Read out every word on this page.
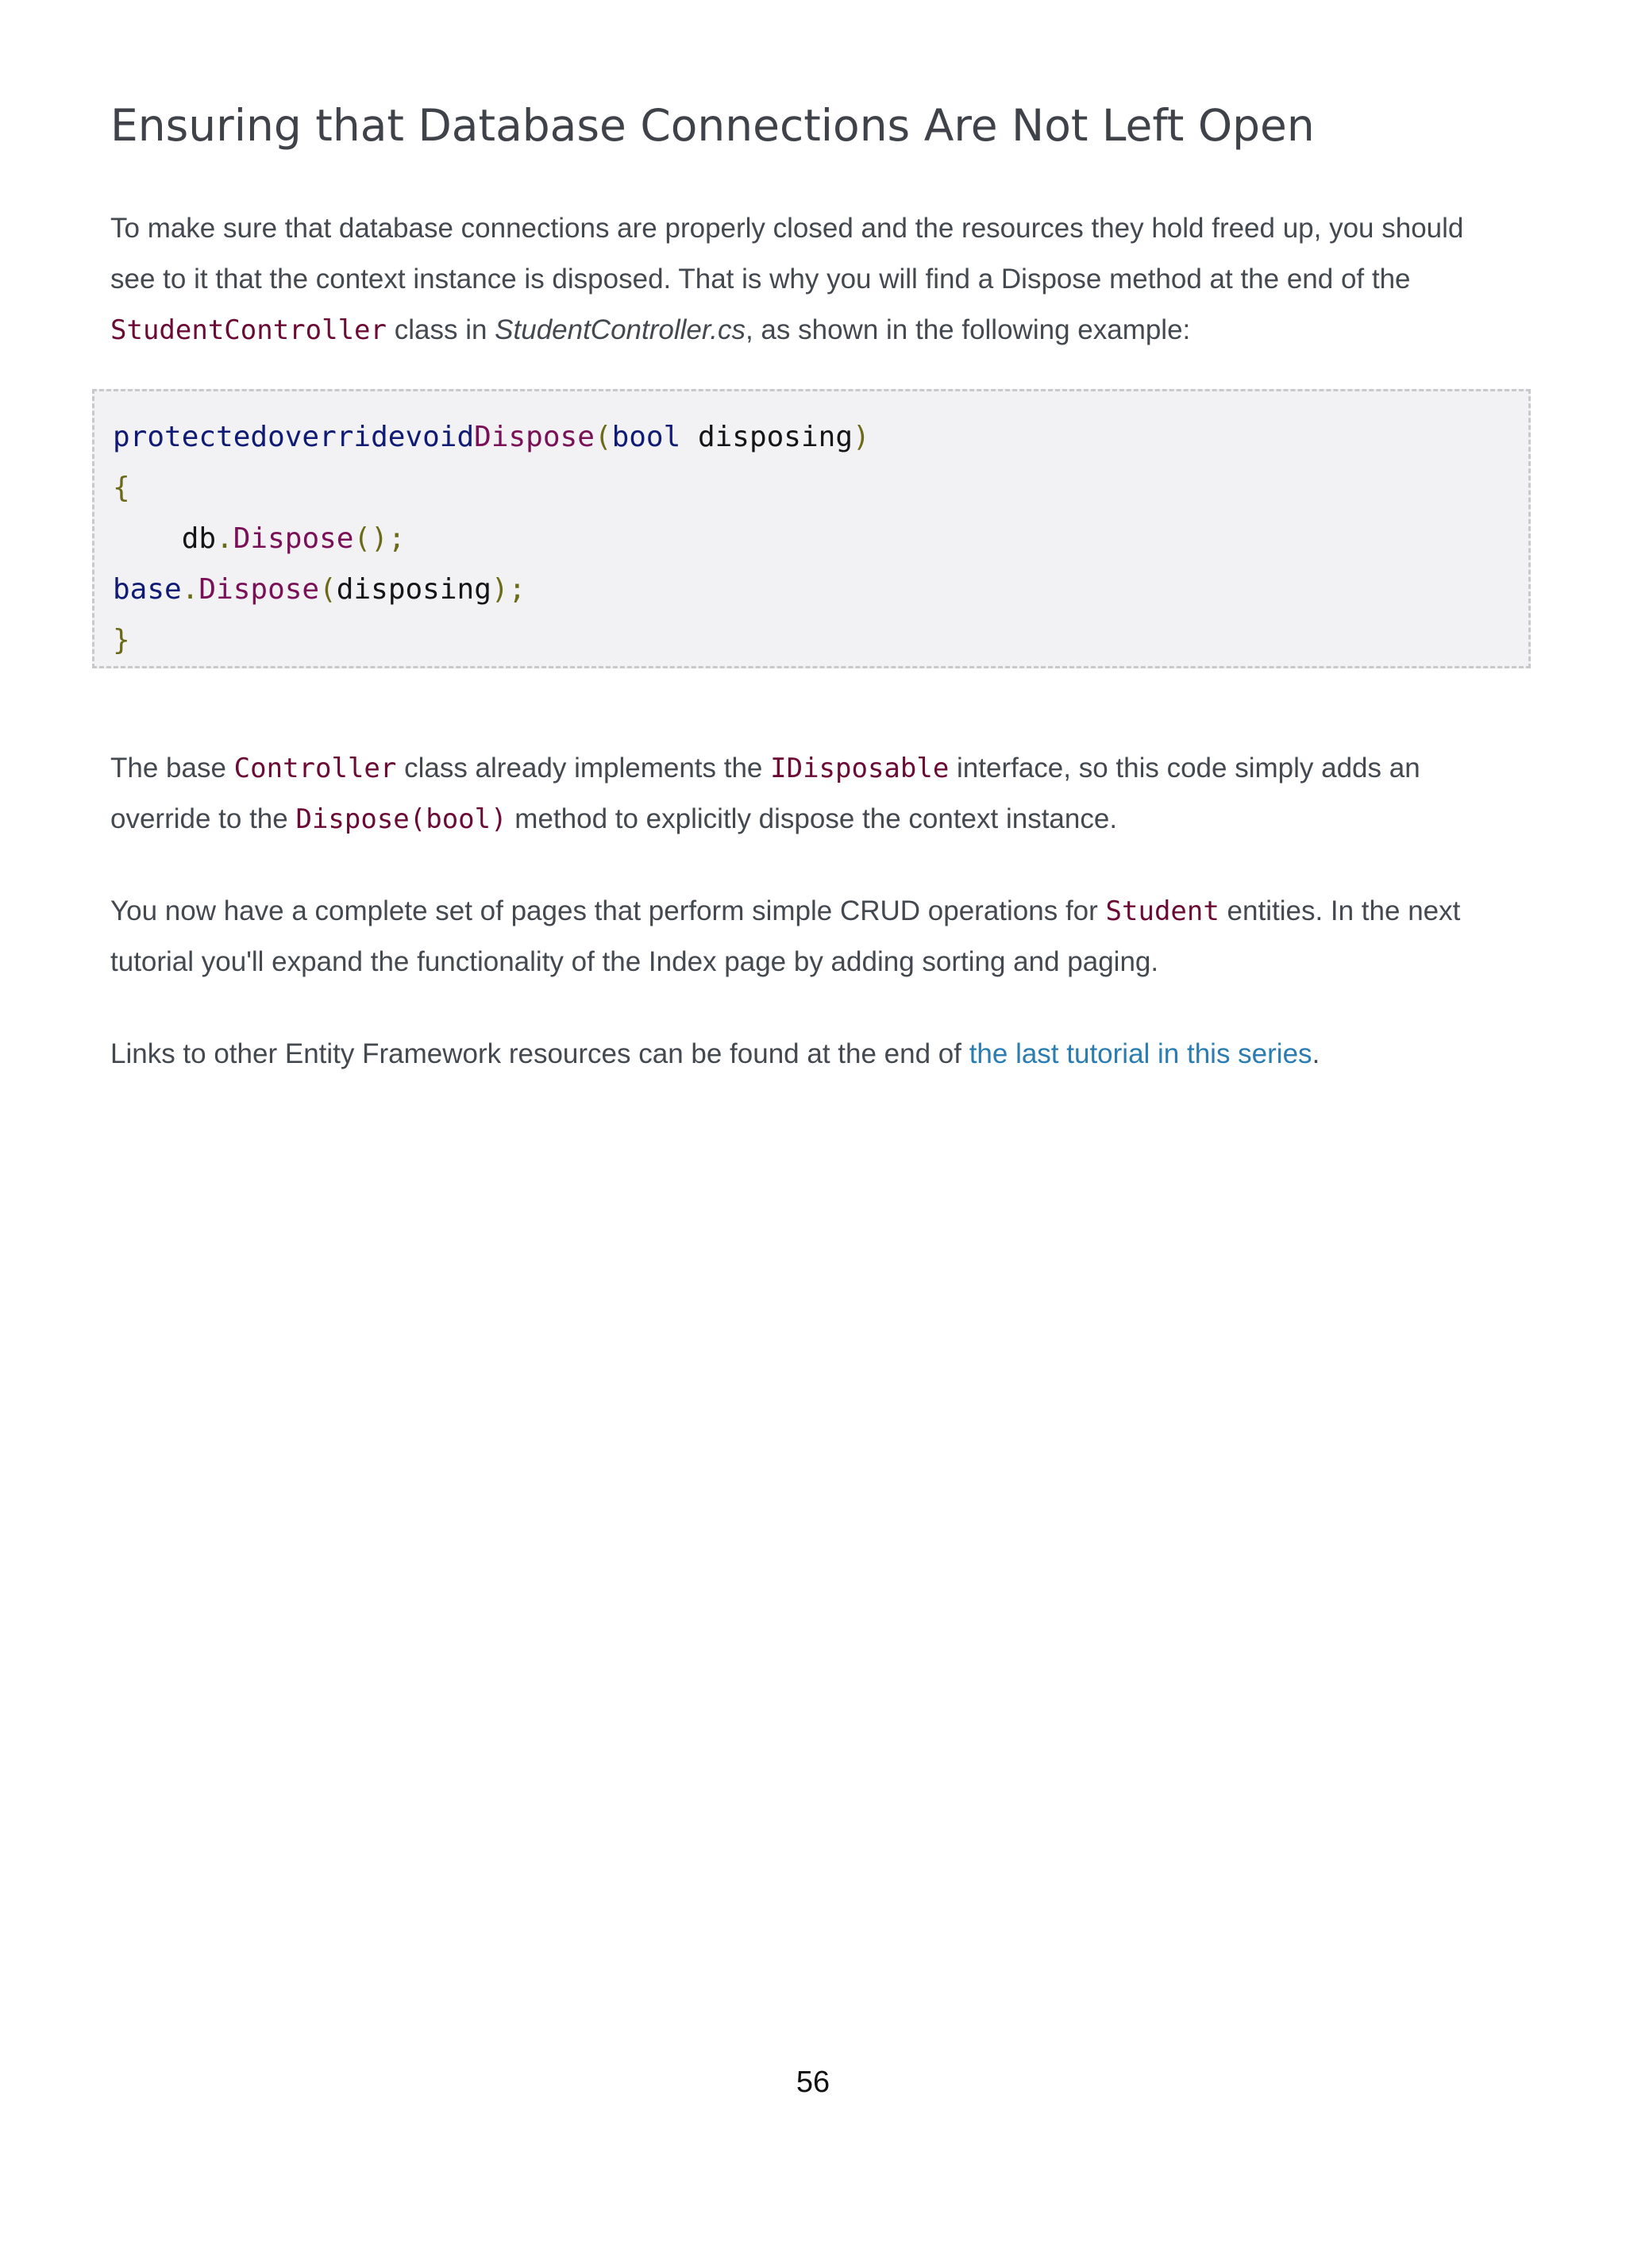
Ensuring that Database Connections Are Not Left Open

To make sure that database connections are properly closed and the resources they hold freed up, you should

see to it that the context instance is disposed. That is why you will find a Dispose method at the end of the

StudentController class in StudentController.cs, as shown in the following example:

protectedoverridevoidDispose(bool disposing)
{
db.Dispose();
base.Dispose(disposing);
}

The base Controller class already implements the IDisposable interface, so this code simply adds an

override to the Dispose(bool) method to explicitly dispose the context instance.

You now have a complete set of pages that perform simple CRUD operations for Student entities. In the next

tutorial you'll expand the functionality of the Index page by adding sorting and paging.

Links to other Entity Framework resources can be found at the end of the last tutorial in this series.

56
